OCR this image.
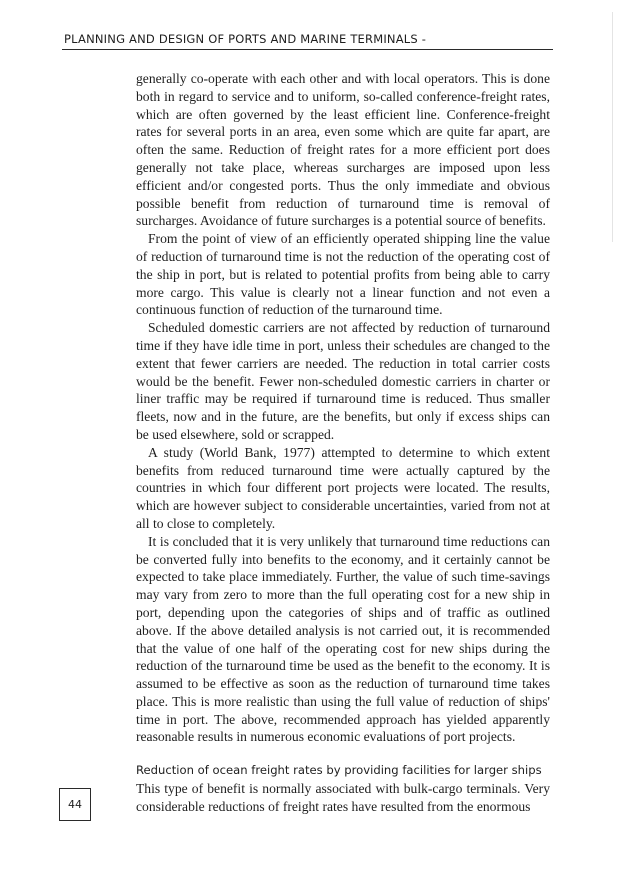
PLANNING AND DESIGN OF PORTS AND MARINE TERMINALS -

generally co-operate with each other and with local operators. This is done both in regard to service and to uniform, so-called conference-freight rates, which are often governed by the least efficient line. Conference-freight rates for several ports in an area, even some which are quite far apart, are often the same. Reduction of freight rates for a more efficient port does generally not take place, whereas surcharges are imposed upon less efficient and/or congested ports. Thus the only immediate and obvious possible benefit from reduction of turnaround time is removal of surcharges. Avoidance of future surcharges is a potential source of benefits.

From the point of view of an efficiently operated shipping line the value of reduction of turnaround time is not the reduction of the operating cost of the ship in port, but is related to potential profits from being able to carry more cargo. This value is clearly not a linear function and not even a continuous function of reduction of the turnaround time.

Scheduled domestic carriers are not affected by reduction of turnaround time if they have idle time in port, unless their schedules are changed to the extent that fewer carriers are needed. The reduction in total carrier costs would be the benefit. Fewer non-scheduled domestic carriers in charter or liner traffic may be required if turnaround time is reduced. Thus smaller fleets, now and in the future, are the benefits, but only if excess ships can be used elsewhere, sold or scrapped.

A study (World Bank, 1977) attempted to determine to which extent benefits from reduced turnaround time were actually captured by the countries in which four different port projects were located. The results, which are however subject to considerable uncertainties, varied from not at all to close to completely.

It is concluded that it is very unlikely that turnaround time reductions can be converted fully into benefits to the economy, and it certainly cannot be expected to take place immediately. Further, the value of such time-savings may vary from zero to more than the full operating cost for a new ship in port, depending upon the categories of ships and of traffic as outlined above. If the above detailed analysis is not carried out, it is recommended that the value of one half of the operating cost for new ships during the reduction of the turnaround time be used as the benefit to the economy. It is assumed to be effective as soon as the reduction of turnaround time takes place. This is more realistic than using the full value of reduction of ships' time in port. The above, recommended approach has yielded apparently reasonable results in numerous economic evaluations of port projects.

Reduction of ocean freight rates by providing facilities for larger ships

This type of benefit is normally associated with bulk-cargo terminals. Very considerable reductions of freight rates have resulted from the enormous

44
